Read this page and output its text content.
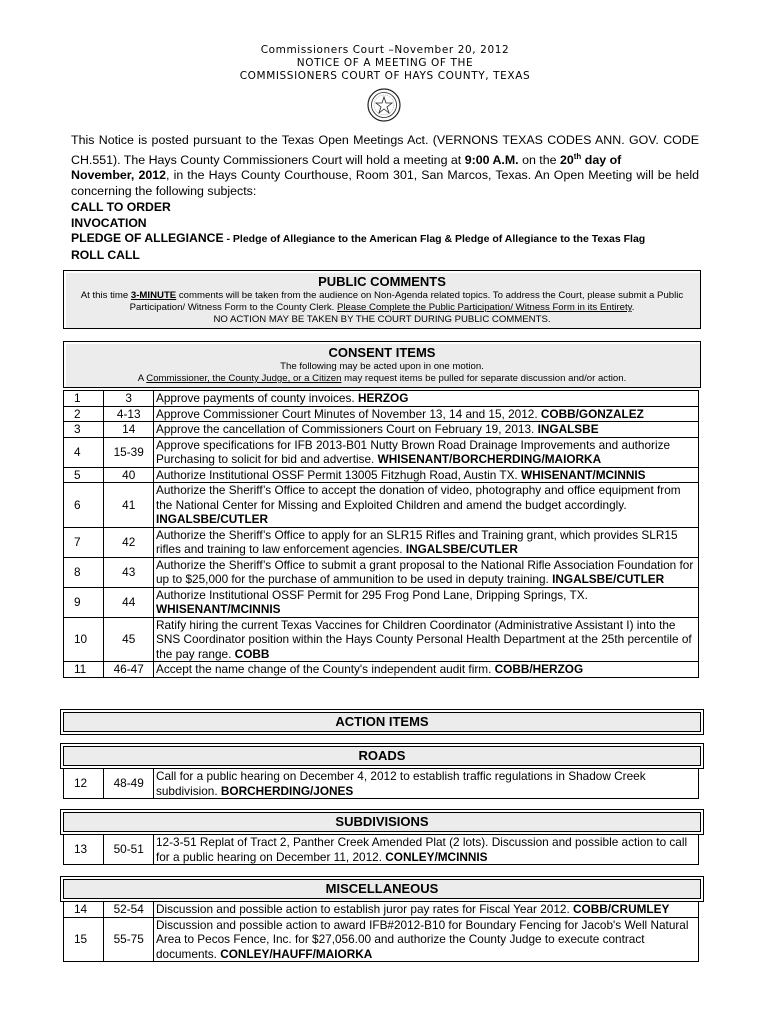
Commissioners Court –November 20, 2012
NOTICE OF A MEETING OF THE
COMMISSIONERS COURT OF HAYS COUNTY, TEXAS
This Notice is posted pursuant to the Texas Open Meetings Act. (VERNONS TEXAS CODES ANN. GOV. CODE CH.551). The Hays County Commissioners Court will hold a meeting at 9:00 A.M. on the 20th day of
November, 2012, in the Hays County Courthouse, Room 301, San Marcos, Texas. An Open Meeting will be held concerning the following subjects:
CALL TO ORDER
INVOCATION
PLEDGE OF ALLEGIANCE - Pledge of Allegiance to the American Flag & Pledge of Allegiance to the Texas Flag
ROLL CALL
PUBLIC COMMENTS
At this time 3-MINUTE comments will be taken from the audience on Non-Agenda related topics. To address the Court, please submit a Public Participation/ Witness Form to the County Clerk. Please Complete the Public Participation/ Witness Form in its Entirety.
NO ACTION MAY BE TAKEN BY THE COURT DURING PUBLIC COMMENTS.
CONSENT ITEMS
The following may be acted upon in one motion.
A Commissioner, the County Judge, or a Citizen may request items be pulled for separate discussion and/or action.
1	3	Approve payments of county invoices. HERZOG
2	4-13	Approve Commissioner Court Minutes of November 13, 14 and 15, 2012. COBB/GONZALEZ
3	14	Approve the cancellation of Commissioners Court on February 19, 2013. INGALSBE
4	15-39	Approve specifications for IFB 2013-B01 Nutty Brown Road Drainage Improvements and authorize Purchasing to solicit for bid and advertise. WHISENANT/BORCHERDING/MAIORKA
5	40	Authorize Institutional OSSF Permit 13005 Fitzhugh Road, Austin TX. WHISENANT/MCINNIS
6	41	Authorize the Sheriff’s Office to accept the donation of video, photography and office equipment from the National Center for Missing and Exploited Children and amend the budget accordingly. INGALSBE/CUTLER
7	42	Authorize the Sheriff’s Office to apply for an SLR15 Rifles and Training grant, which provides SLR15 rifles and training to law enforcement agencies. INGALSBE/CUTLER
8	43	Authorize the Sheriff’s Office to submit a grant proposal to the National Rifle Association Foundation for up to $25,000 for the purchase of ammunition to be used in deputy training. INGALSBE/CUTLER
9	44	Authorize Institutional OSSF Permit for 295 Frog Pond Lane, Dripping Springs, TX. WHISENANT/MCINNIS
10	45	Ratify hiring the current Texas Vaccines for Children Coordinator (Administrative Assistant I) into the SNS Coordinator position within the Hays County Personal Health Department at the 25th percentile of the pay range. COBB
11	46-47	Accept the name change of the County's independent audit firm. COBB/HERZOG
ACTION ITEMS
ROADS
12	48-49	Call for a public hearing on December 4, 2012 to establish traffic regulations in Shadow Creek subdivision. BORCHERDING/JONES
SUBDIVISIONS
13	50-51	12-3-51 Replat of Tract 2, Panther Creek Amended Plat (2 lots). Discussion and possible action to call for a public hearing on December 11, 2012. CONLEY/MCINNIS
MISCELLANEOUS
14	52-54	Discussion and possible action to establish juror pay rates for Fiscal Year 2012. COBB/CRUMLEY
15	55-75	Discussion and possible action to award IFB#2012-B10 for Boundary Fencing for Jacob's Well Natural Area to Pecos Fence, Inc. for $27,056.00 and authorize the County Judge to execute contract documents. CONLEY/HAUFF/MAIORKA
